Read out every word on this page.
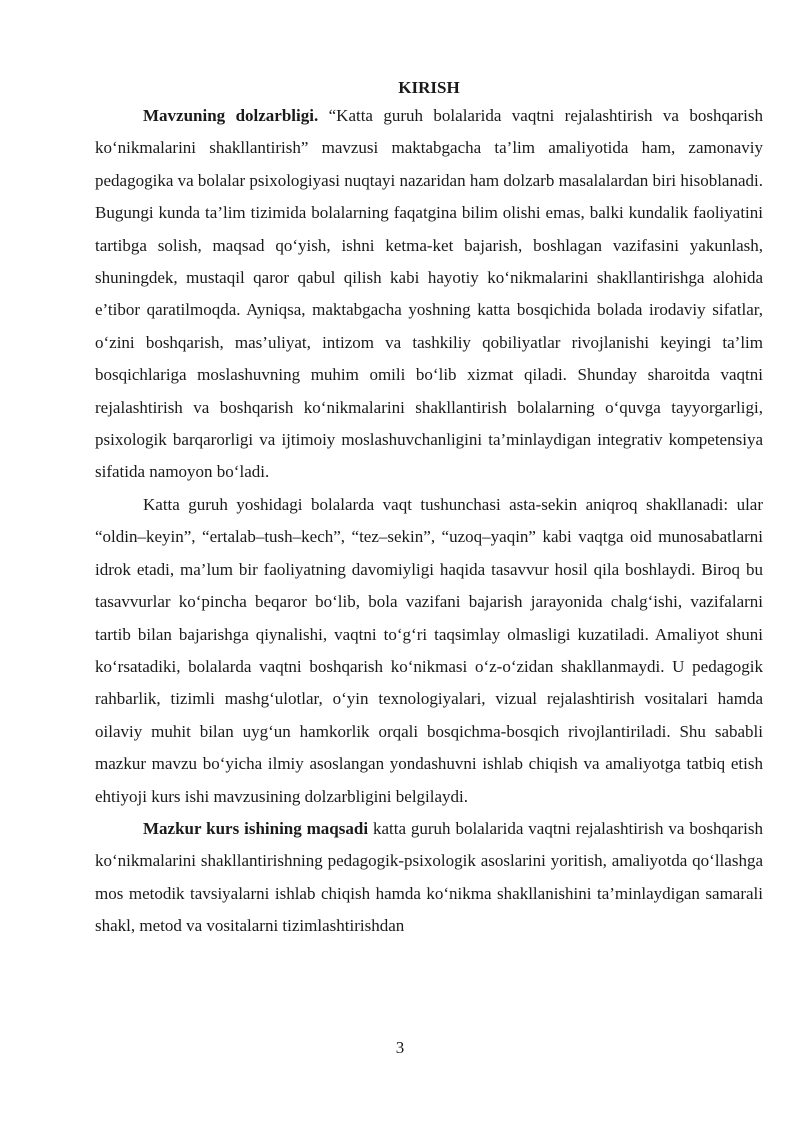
KIRISH

Mavzuning dolzarbligi. “Katta guruh bolalarida vaqtni rejalashtirish va boshqarish ko‘nikmalarini shakllantirish” mavzusi maktabgacha ta’lim amaliyotida ham, zamonaviy pedagogika va bolalar psixologiyasi nuqtayi nazaridan ham dolzarb masalalardan biri hisoblanadi. Bugungi kunda ta’lim tizimida bolalarning faqatgina bilim olishi emas, balki kundalik faoliyatini tartibga solish, maqsad qo‘yish, ishni ketma-ket bajarish, boshlagan vazifasini yakunlash, shuningdek, mustaqil qaror qabul qilish kabi hayotiy ko‘nikmalarini shakllantirishga alohida e’tibor qaratilmoqda. Ayniqsa, maktabgacha yoshning katta bosqichida bolada irodaviy sifatlar, o‘zini boshqarish, mas’uliyat, intizom va tashkiliy qobiliyatlar rivojlanishi keyingi ta’lim bosqichlariga moslashuvning muhim omili bo‘lib xizmat qiladi. Shunday sharoitda vaqtni rejalashtirish va boshqarish ko‘nikmalarini shakllantirish bolalarning o‘quvga tayyorgarligi, psixologik barqarorligi va ijtimoiy moslashuvchanligini ta’minlaydigan integrativ kompetensiya sifatida namoyon bo‘ladi.

Katta guruh yoshidagi bolalarda vaqt tushunchasi asta-sekin aniqroq shakllanadi: ular “oldin–keyin”, “ertalab–tush–kech”, “tez–sekin”, “uzoq–yaqin” kabi vaqtga oid munosabatlarni idrok etadi, ma’lum bir faoliyatning davomiyligi haqida tasavvur hosil qila boshlaydi. Biroq bu tasavvurlar ko‘pincha beqaror bo‘lib, bola vazifani bajarish jarayonida chalg‘ishi, vazifalarni tartib bilan bajarishga qiynalishi, vaqtni to‘g‘ri taqsimlay olmasligi kuzatiladi. Amaliyot shuni ko‘rsatadiki, bolalarda vaqtni boshqarish ko‘nikmasi o‘z-o‘zidan shakllanmaydi. U pedagogik rahbarlik, tizimli mashg‘ulotlar, o‘yin texnologiyalari, vizual rejalashtirish vositalari hamda oilaviy muhit bilan uyg‘un hamkorlik orqali bosqichma-bosqich rivojlantiriladi. Shu sababli mazkur mavzu bo‘yicha ilmiy asoslangan yondashuvni ishlab chiqish va amaliyotga tatbiq etish ehtiyoji kurs ishi mavzusining dolzarbligini belgilaydi.

Mazkur kurs ishining maqsadi katta guruh bolalarida vaqtni rejalashtirish va boshqarish ko‘nikmalarini shakllantirishning pedagogik-psixologik asoslarini yoritish, amaliyotda qo‘llashga mos metodik tavsiyalarni ishlab chiqish hamda ko‘nikma shakllanishini ta’minlaydigan samarali shakl, metod va vositalarni tizimlashtirishdan

3
